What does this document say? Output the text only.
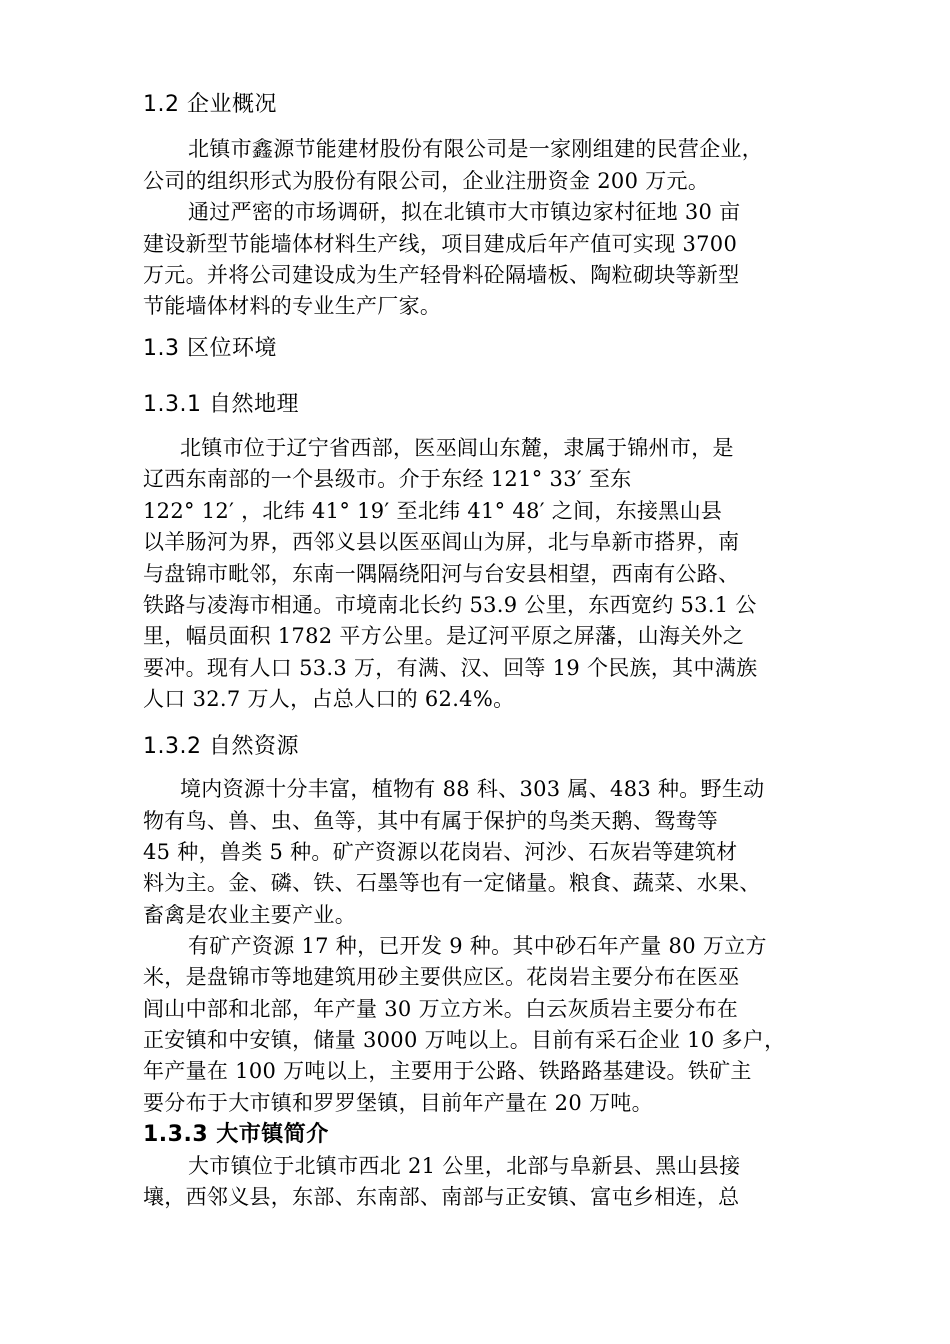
1.2 企业概况
北镇市鑫源节能建材股份有限公司是一家刚组建的民营企业，
公司的组织形式为股份有限公司，企业注册资金 200 万元。
通过严密的市场调研，拟在北镇市大市镇边家村征地 30 亩
建设新型节能墙体材料生产线，项目建成后年产值可实现 3700
万元。并将公司建设成为生产轻骨料砼隔墙板、陶粒砌块等新型
节能墙体材料的专业生产厂家。
1.3 区位环境
1.3.1 自然地理
北镇市位于辽宁省西部，医巫闾山东麓，隶属于锦州市，是
辽西东南部的一个县级市。介于东经 121° 33′ 至东
122° 12′ ，北纬 41° 19′ 至北纬 41° 48′ 之间，东接黑山县
以羊肠河为界，西邻义县以医巫闾山为屏，北与阜新市搭界，南
与盘锦市毗邻，东南一隅隔绕阳河与台安县相望，西南有公路、
铁路与凌海市相通。市境南北长约 53.9 公里，东西宽约 53.1 公
里，幅员面积 1782 平方公里。是辽河平原之屏藩，山海关外之
要冲。现有人口 53.3 万，有满、汉、回等 19 个民族，其中满族
人口 32.7 万人，占总人口的 62.4%。
1.3.2 自然资源
境内资源十分丰富，植物有 88 科、303 属、483 种。野生动
物有鸟、兽、虫、鱼等，其中有属于保护的鸟类天鹅、鸳鸯等
45 种，兽类 5 种。矿产资源以花岗岩、河沙、石灰岩等建筑材
料为主。金、磷、铁、石墨等也有一定储量。粮食、蔬菜、水果、
畜禽是农业主要产业。
有矿产资源 17 种，已开发 9 种。其中砂石年产量 80 万立方
米，是盘锦市等地建筑用砂主要供应区。花岗岩主要分布在医巫
闾山中部和北部，年产量 30 万立方米。白云灰质岩主要分布在
正安镇和中安镇，储量 3000 万吨以上。目前有采石企业 10 多户，
年产量在 100 万吨以上，主要用于公路、铁路路基建设。铁矿主
要分布于大市镇和罗罗堡镇，目前年产量在 20 万吨。
1.3.3 大市镇简介
大市镇位于北镇市西北 21 公里，北部与阜新县、黑山县接
壤，西邻义县，东部、东南部、南部与正安镇、富屯乡相连，总
